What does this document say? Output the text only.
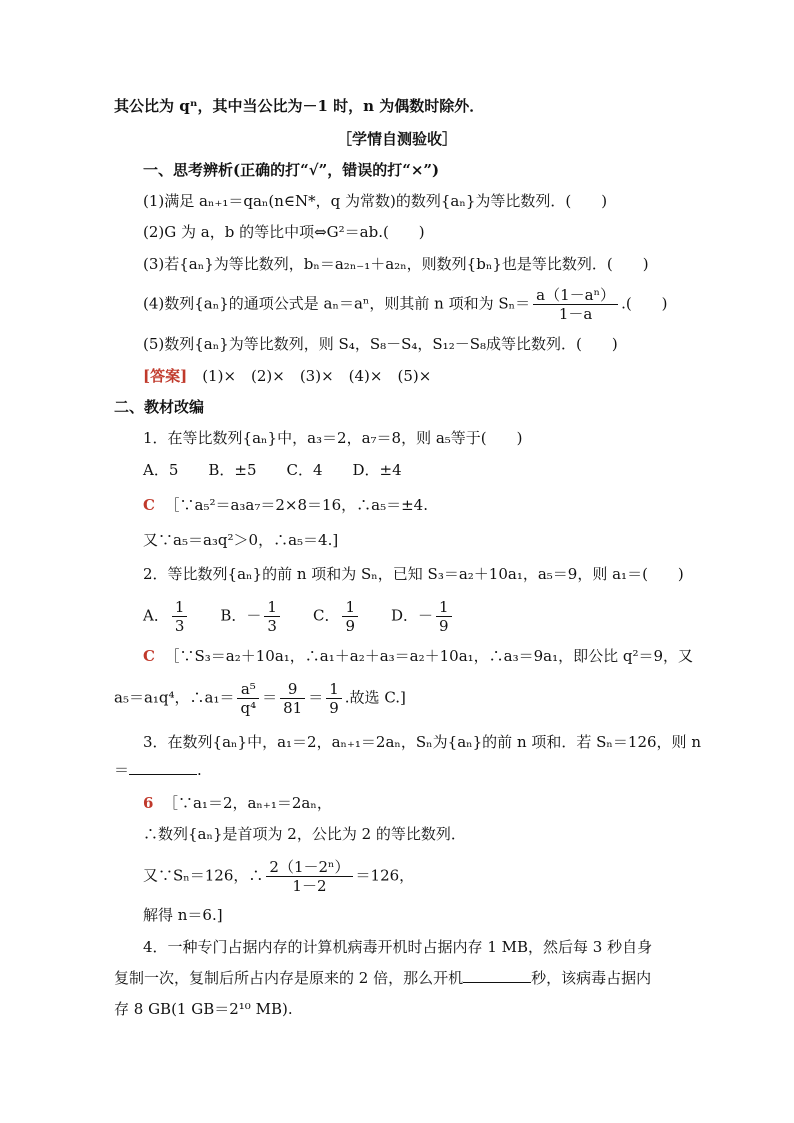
其公比为 qⁿ，其中当公比为－1 时，n 为偶数时除外．
［学情自测验收］
一、思考辨析(正确的打“√”，错误的打“×”)
(1)满足 aₙ₊₁＝qaₙ(n∈N*，q 为常数)的数列{aₙ}为等比数列．(　　)
(2)G 为 a，b 的等比中项⇔G²＝ab.(　　)
(3)若{aₙ}为等比数列，bₙ＝a₂ₙ₋₁＋a₂ₙ，则数列{bₙ}也是等比数列．(　　)
(4)数列{aₙ}的通项公式是 aₙ＝aⁿ，则其前 n 项和为 $S_n= \frac{\text{a（1－aⁿ）}}{1-a}$ .(　　)
(5)数列{aₙ}为等比数列，则 S₄，S₈－S₄，S₁₂－S₈成等比数列．(　　)
[答案]　(1)×　(2)×　(3)×　(4)×　(5)×
二、教材改编
1．在等比数列{aₙ}中，a₃＝2，a₇＝8，则 a₅等于(　　)
A．5　　B．±5　　C．4　　D．±4
C ［∵a₅²＝a₃a₇＝2×8＝16，∴a₅＝±4.
又∵a₅＝a₃q²＞0，∴a₅＝4.]
2．等比数列{aₙ}的前 n 项和为 Sₙ，已知 S₃＝a₂＋10a₁，a₅＝9，则 a₁＝(　　)
A． $\frac{1}{3}$ 　　B．－ $\frac{1}{3}$ 　　C． $\frac{1}{9}$ 　　D．－ $\frac{1}{9}$
C ［∵S₃＝a₂＋10a₁，∴a₁＋a₂＋a₃＝a₂＋10a₁，∴a₃＝9a₁，即公比 q²＝9，又
a₅＝a₁q⁴，∴a₁＝ $\frac{\text{a⁵}}{\text{q⁴}} = \frac{9}{81} = \frac{1}{9}$ .故选 C.]
3．在数列{aₙ}中，a₁＝2，aₙ₊₁＝2aₙ，Sₙ为{aₙ}的前 n 项和．若 Sₙ＝126，则 n
＝	.
6 ［∵a₁＝2，aₙ₊₁＝2aₙ，
∴数列{aₙ}是首项为 2，公比为 2 的等比数列．
又∵Sₙ＝126，∴ $\frac{\text{2（1－2ⁿ）}}{1-2} =126$，
解得 n＝6.]
4．一种专门占据内存的计算机病毒开机时占据内存 1 MB，然后每 3 秒自身
复制一次，复制后所占内存是原来的 2 倍，那么开机	秒，该病毒占据内
存 8 GB(1 GB＝2¹⁰ MB).
